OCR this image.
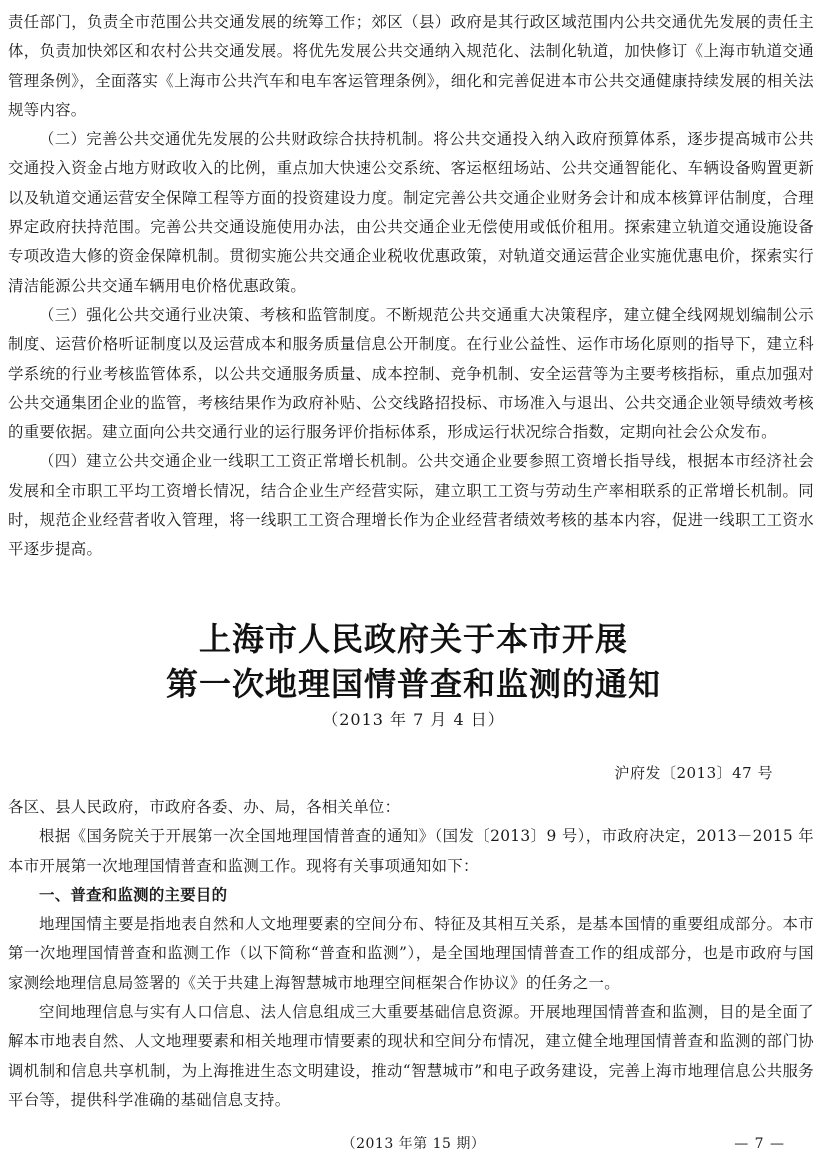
责任部门，负责全市范围公共交通发展的统筹工作；郊区（县）政府是其行政区域范围内公共交通优先发展的责任主体，负责加快郊区和农村公共交通发展。将优先发展公共交通纳入规范化、法制化轨道，加快修订《上海市轨道交通管理条例》，全面落实《上海市公共汽车和电车客运管理条例》，细化和完善促进本市公共交通健康持续发展的相关法规等内容。

（二）完善公共交通优先发展的公共财政综合扶持机制。将公共交通投入纳入政府预算体系，逐步提高城市公共交通投入资金占地方财政收入的比例，重点加大快速公交系统、客运枢纽场站、公共交通智能化、车辆设备购置更新以及轨道交通运营安全保障工程等方面的投资建设力度。制定完善公共交通企业财务会计和成本核算评估制度，合理界定政府扶持范围。完善公共交通设施使用办法，由公共交通企业无偿使用或低价租用。探索建立轨道交通设施设备专项改造大修的资金保障机制。贯彻实施公共交通企业税收优惠政策，对轨道交通运营企业实施优惠电价，探索实行清洁能源公共交通车辆用电价格优惠政策。

（三）强化公共交通行业决策、考核和监管制度。不断规范公共交通重大决策程序，建立健全线网规划编制公示制度、运营价格听证制度以及运营成本和服务质量信息公开制度。在行业公益性、运作市场化原则的指导下，建立科学系统的行业考核监管体系，以公共交通服务质量、成本控制、竞争机制、安全运营等为主要考核指标，重点加强对公共交通集团企业的监管，考核结果作为政府补贴、公交线路招投标、市场准入与退出、公共交通企业领导绩效考核的重要依据。建立面向公共交通行业的运行服务评价指标体系，形成运行状况综合指数，定期向社会公众发布。

（四）建立公共交通企业一线职工工资正常增长机制。公共交通企业要参照工资增长指导线，根据本市经济社会发展和全市职工平均工资增长情况，结合企业生产经营实际，建立职工工资与劳动生产率相联系的正常增长机制。同时，规范企业经营者收入管理，将一线职工工资合理增长作为企业经营者绩效考核的基本内容，促进一线职工工资水平逐步提高。

上海市人民政府关于本市开展
第一次地理国情普查和监测的通知
（2013 年 7 月 4 日）
沪府发〔2013〕47 号

各区、县人民政府，市政府各委、办、局，各相关单位：

根据《国务院关于开展第一次全国地理国情普查的通知》（国发〔2013〕9 号），市政府决定，2013－2015 年本市开展第一次地理国情普查和监测工作。现将有关事项通知如下：

一、普查和监测的主要目的

地理国情主要是指地表自然和人文地理要素的空间分布、特征及其相互关系，是基本国情的重要组成部分。本市第一次地理国情普查和监测工作（以下简称“普查和监测”），是全国地理国情普查工作的组成部分，也是市政府与国家测绘地理信息局签署的《关于共建上海智慧城市地理空间框架合作协议》的任务之一。

空间地理信息与实有人口信息、法人信息组成三大重要基础信息资源。开展地理国情普查和监测，目的是全面了解本市地表自然、人文地理要素和相关地理市情要素的现状和空间分布情况，建立健全地理国情普查和监测的部门协调机制和信息共享机制，为上海推进生态文明建设，推动“智慧城市”和电子政务建设，完善上海市地理信息公共服务平台等，提供科学准确的基础信息支持。

（2013 年第 15 期）	— 7 —
